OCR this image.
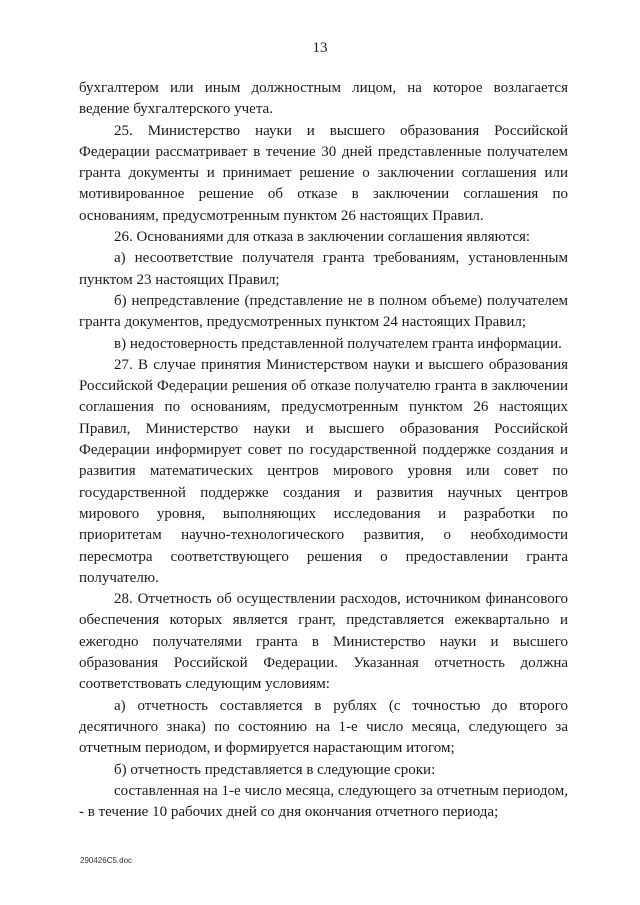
13

бухгалтером или иным должностным лицом, на которое возлагается ведение бухгалтерского учета.

25. Министерство науки и высшего образования Российской Федерации рассматривает в течение 30 дней представленные получателем гранта документы и принимает решение о заключении соглашения или мотивированное решение об отказе в заключении соглашения по основаниям, предусмотренным пунктом 26 настоящих Правил.

26. Основаниями для отказа в заключении соглашения являются:

а) несоответствие получателя гранта требованиям, установленным пунктом 23 настоящих Правил;

б) непредставление (представление не в полном объеме) получателем гранта документов, предусмотренных пунктом 24 настоящих Правил;

в) недостоверность представленной получателем гранта информации.

27. В случае принятия Министерством науки и высшего образования Российской Федерации решения об отказе получателю гранта в заключении соглашения по основаниям, предусмотренным пунктом 26 настоящих Правил, Министерство науки и высшего образования Российской Федерации информирует совет по государственной поддержке создания и развития математических центров мирового уровня или совет по государственной поддержке создания и развития научных центров мирового уровня, выполняющих исследования и разработки по приоритетам научно-технологического развития, о необходимости пересмотра соответствующего решения о предоставлении гранта получателю.

28. Отчетность об осуществлении расходов, источником финансового обеспечения которых является грант, представляется ежеквартально и ежегодно получателями гранта в Министерство науки и высшего образования Российской Федерации. Указанная отчетность должна соответствовать следующим условиям:

а) отчетность составляется в рублях (с точностью до второго десятичного знака) по состоянию на 1-е число месяца, следующего за отчетным периодом, и формируется нарастающим итогом;

б) отчетность представляется в следующие сроки:

составленная на 1-е число месяца, следующего за отчетным периодом, - в течение 10 рабочих дней со дня окончания отчетного периода;

290426C5.doc
